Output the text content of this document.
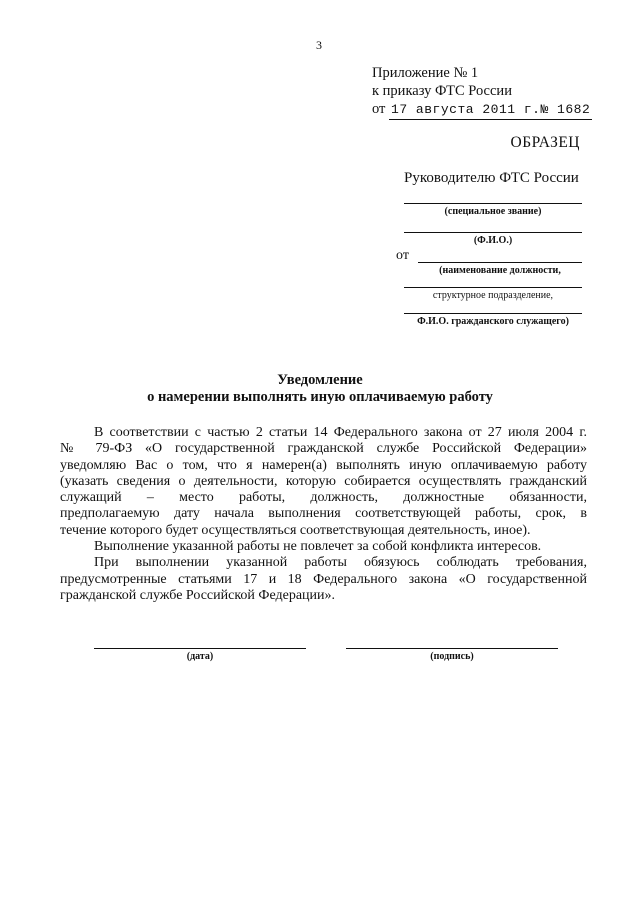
3
Приложение № 1
к приказу ФТС России
от 17 августа 2011 г.№ 1682
ОБРАЗЕЦ
Руководителю ФТС России
(специальное звание)
(Ф.И.О.)
от
(наименование должности,
структурное подразделение,
Ф.И.О. гражданского служащего)
Уведомление
о намерении выполнять иную оплачиваемую работу

В соответствии с частью 2 статьи 14 Федерального закона от 27 июля 2004 г.

№ 79-ФЗ «О государственной гражданской службе Российской Федерации»

уведомляю Вас о том, что я намерен(а) выполнять иную оплачиваемую работу

(указать сведения о деятельности, которую собирается осуществлять гражданский

служащий – место работы, должность, должностные обязанности,

предполагаемую дату начала выполнения соответствующей работы, срок, в

течение которого будет осуществляться соответствующая деятельность, иное).

Выполнение указанной работы не повлечет за собой конфликта интересов.

При выполнении указанной работы обязуюсь соблюдать требования,

предусмотренные статьями 17 и 18 Федерального закона «О государственной

гражданской службе Российской Федерации».

(дата)	(подпись)
